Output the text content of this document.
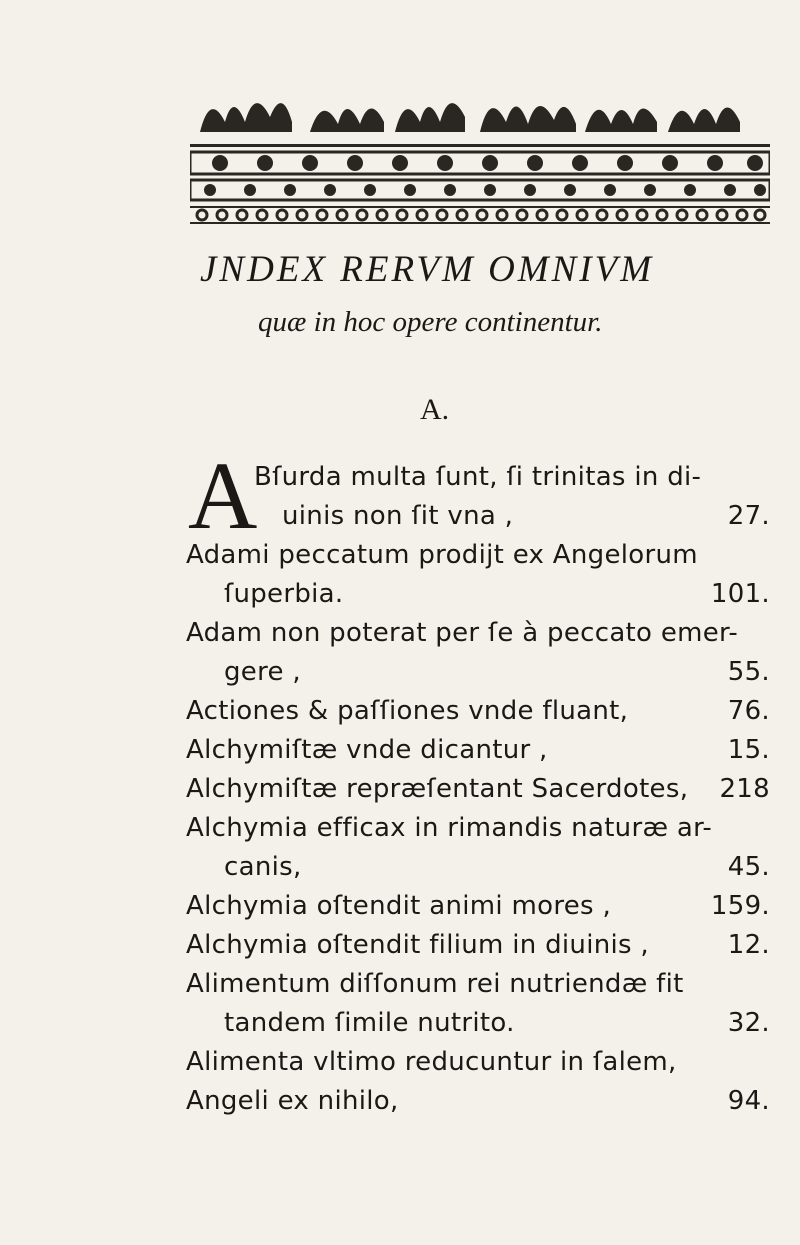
JNDEX RERVM OMNIVM
quæ in hoc opere continentur.
A.
A
Bſurda multa ſunt, ſi trinitas in di-
uinis non ſit vna ,	27.
Adami peccatum prodijt ex Angelorum
ſuperbia.	101.
Adam non poterat per ſe à peccato emer-
gere ,	55.
Actiones & paſſiones vnde fluant,	76.
Alchymiſtæ vnde dicantur ,	15.
Alchymiſtæ repræſentant Sacerdotes, 218
Alchymia efficax in rimandis naturæ ar-
canis,	45.
Alchymia oſtendit animi mores ,	159.
Alchymia oſtendit filium in diuinis ,	12.
Alimentum diſſonum rei nutriendæ fit
tandem ſimile nutrito.	32.
Alimenta vltimo reducuntur in ſalem,
Angeli ex nihilo,	94.
